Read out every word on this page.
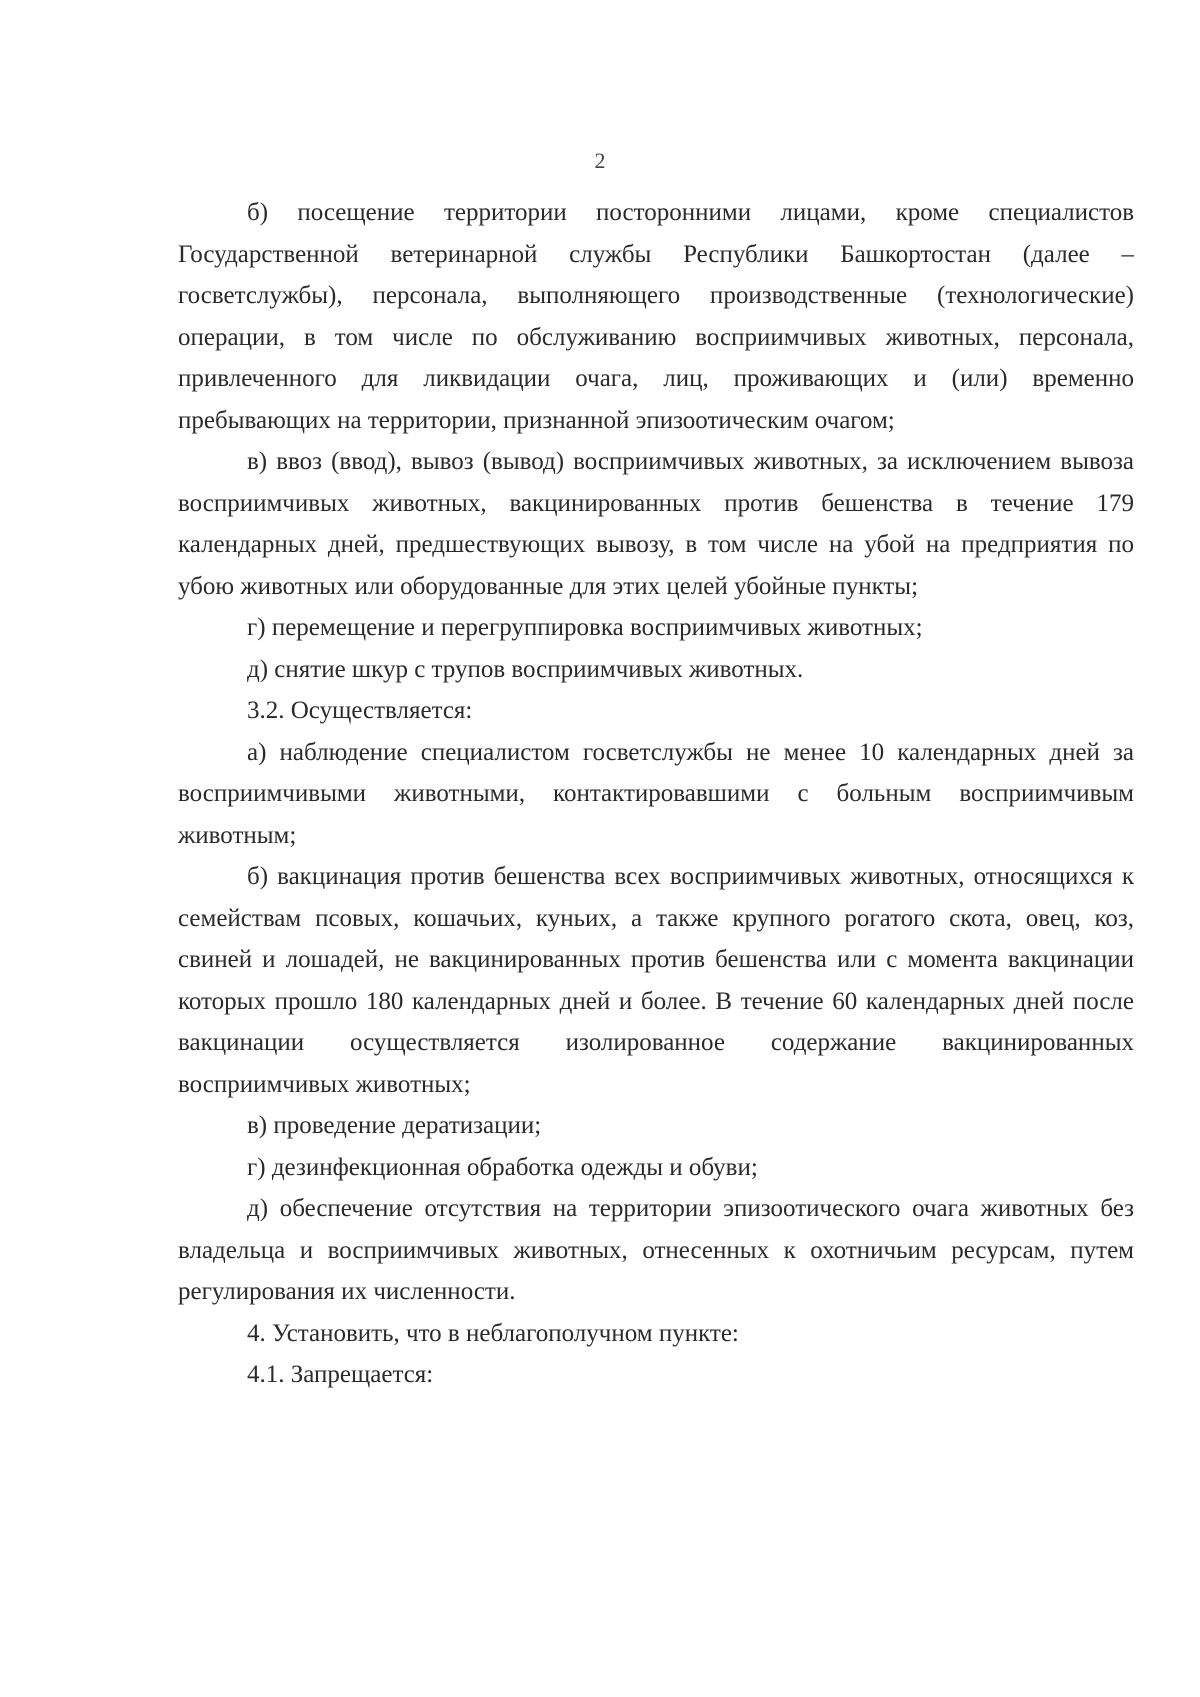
2

б) посещение территории посторонними лицами, кроме специалистов Государственной ветеринарной службы Республики Башкортостан (далее – госветслужбы), персонала, выполняющего производственные (технологические) операции, в том числе по обслуживанию восприимчивых животных, персонала, привлеченного для ликвидации очага, лиц, проживающих и (или) временно пребывающих на территории, признанной эпизоотическим очагом;

в) ввоз (ввод), вывоз (вывод) восприимчивых животных, за исключением вывоза восприимчивых животных, вакцинированных против бешенства в течение 179 календарных дней, предшествующих вывозу, в том числе на убой на предприятия по убою животных или оборудованные для этих целей убойные пункты;

г) перемещение и перегруппировка восприимчивых животных;

д) снятие шкур с трупов восприимчивых животных.

3.2. Осуществляется:

а) наблюдение специалистом госветслужбы не менее 10 календарных дней за восприимчивыми животными, контактировавшими с больным восприимчивым животным;

б) вакцинация против бешенства всех восприимчивых животных, относящихся к семействам псовых, кошачьих, куньих, а также крупного рогатого скота, овец, коз, свиней и лошадей, не вакцинированных против бешенства или с момента вакцинации которых прошло 180 календарных дней и более. В течение 60 календарных дней после вакцинации осуществляется изолированное содержание вакцинированных восприимчивых животных;

в) проведение дератизации;

г) дезинфекционная обработка одежды и обуви;

д) обеспечение отсутствия на территории эпизоотического очага животных без владельца и восприимчивых животных, отнесенных к охотничьим ресурсам, путем регулирования их численности.

4. Установить, что в неблагополучном пункте:

4.1. Запрещается:
